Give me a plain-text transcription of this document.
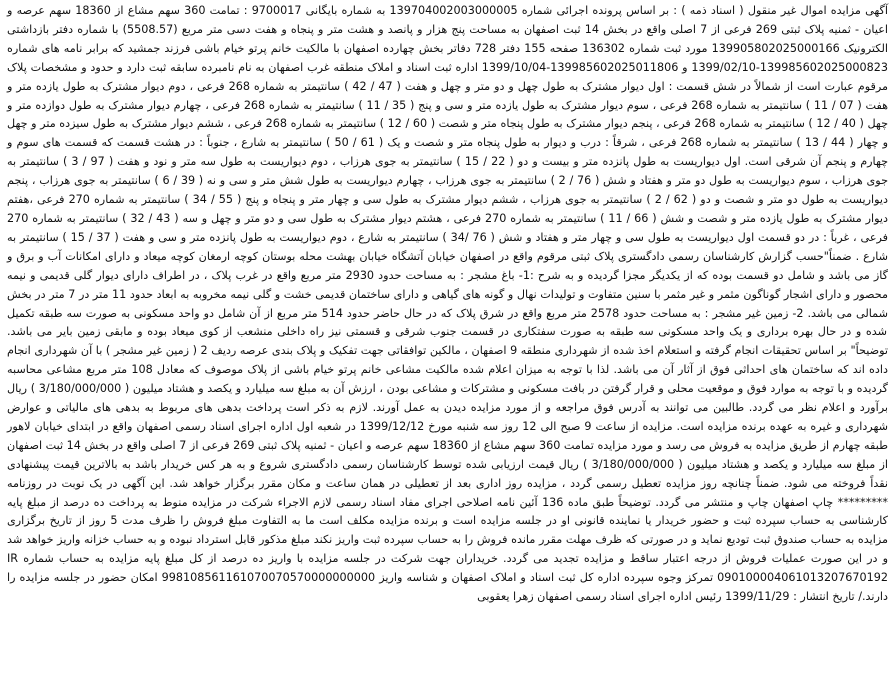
آگهی مزایده اموال غیر منقول ( اسناد ذمه ) : بر اساس پرونده اجرائی شماره 139704002003000005 به شماره بایگانی 9700017 : تمامت 360 سهم مشاع از 18360 سهم عرصه و اعیان - ثمنیه پلاک ثبتی 269 فرعی از 7 اصلی واقع در بخش 14 ثبت اصفهان به مساحت پنج هزار و پانصد و هشت متر و پنجاه و هفت دسی متر مربع (5508.57) با شماره دفتر بازداشتی الکترونیک 139905802025000166 مورد ثبت شماره 136302 صفحه 155 دفتر 728 دفاتر بخش چهارده اصفهان با مالکیت خانم پرتو خیام باشی فرزند جمشید که برابر نامه های شماره 139985602025000823-1399/02/10 و 139985602025011806-1399/10/04 اداره ثبت اسناد و املاک منطقه غرب اصفهان به نام نامبرده سابقه ثبت دارد و حدود و مشخصات پلاک مرقوم عبارت است از شمالاً در شش قسمت : اول دیوار مشترک به طول چهل و دو متر و چهل و هفت ( 47 / 42 ) سانتیمتر به شماره 268 فرعی ، دوم دیوار مشترک به طول یازده متر و هفت ( 07 / 11 ) سانتیمتر به شماره 268 فرعی ، سوم دیوار مشترک به طول یازده متر و سی و پنج ( 35 / 11 ) سانتیمتر به شماره 268 فرعی ، چهارم دیوار مشترک به طول دوازده متر و چهل ( 40 / 12 ) سانتیمتر به شماره 268 فرعی ، پنجم دیوار مشترک به طول پنجاه متر و شصت ( 60 / 12 ) سانتیمتر به شماره 268 فرعی ، ششم دیوار مشترک به طول سیزده متر و چهل و چهار ( 44 / 13 ) سانتیمتر به شماره 268 فرعی ، شرقاً : درب و دیوار به طول پنجاه متر و شصت و یک ( 61 / 50 ) سانتیمتر به شارع ، جنوباً : در هشت قسمت که قسمت های سوم و چهارم و پنجم آن شرقی است. اول دیواریست به طول پانزده متر و بیست و دو ( 22 / 15 ) سانتیمتر به جوی هرزاب ، دوم دیواریست به طول سه متر و نود و هفت ( 97 / 3 ) سانتیمتر به جوی هرزاب ، سوم دیواریست به طول دو متر و هفتاد و شش ( 76 / 2 ) سانتیمتر به جوی هرزاب ، چهارم دیواریست به طول شش متر و سی و نه ( 39 / 6 ) سانتیمتر به جوی هرزاب ، پنجم دیواریست به طول دو متر و شصت و دو ( 62 / 2 ) سانتیمتر به جوی هرزاب ، ششم دیوار مشترک به طول سی و چهار متر و پنجاه و پنج ( 55 / 34 ) سانتیمتر به شماره 270 فرعی ،هفتم دیوار مشترک به طول یازده متر و شصت و شش ( 66 / 11 ) سانتیمتر به شماره 270 فرعی ، هشتم دیوار مشترک به طول سی و دو متر و چهل و سه ( 43 / 32 ) سانتیمتر به شماره 270 فرعی ، غرباً : در دو قسمت اول دیواریست به طول سی و چهار متر و هفتاد و شش ( 76 /34 ) سانتیمتر به شارع ، دوم دیواریست به طول پانزده متر و سی و هفت ( 37 / 15 ) سانتیمتر به شارع . ضمناً"حسب گزارش کارشناسان رسمی دادگستری پلاک ثبتی مرقوم واقع در اصفهان خیابان آتشگاه خیابان بهشت محله بوستان کوچه ارمغان کوچه میعاد و دارای امکانات آب و برق و گاز می باشد و شامل دو قسمت بوده که از یکدیگر مجزا گردیده و به شرح :1- باغ مشجر : به مساحت حدود 2930 متر مربع واقع در غرب پلاک ، در اطراف دارای دیوار گلی قدیمی و نیمه محصور و دارای اشجار گوناگون مثمر و غیر مثمر با سنین متفاوت و تولیدات نهال و گونه های گیاهی و دارای ساختمان قدیمی خشت و گلی نیمه مخروبه به ابعاد حدود 11 متر در 7 متر در بخش شمالی می باشد. 2- زمین غیر مشجر : به مساحت حدود 2578 متر مربع واقع در شرق پلاک که در حال حاضر حدود 514 متر مربع از آن شامل دو واحد مسکونی به صورت سه طبقه تکمیل شده و در حال بهره برداری و یک واحد مسکونی سه طبقه به صورت سفتکاری در قسمت جنوب شرقی و قسمتی نیز راه داخلی منشعب از کوی میعاد بوده و مابقی زمین بایر می باشد. توضیحاً" بر اساس تحقیقات انجام گرفته و استعلام اخذ شده از شهرداری منطقه 9 اصفهان ، مالکین توافقاتی جهت تفکیک و پلاک بندی عرصه ردیف 2 ( زمین غیر مشجر ) با آن شهرداری انجام داده اند که ساختمان های احداثی فوق از آثار آن می باشد. لذا با توجه به میزان اعلام شده مالکیت مشاعی خانم پرتو خیام باشی از پلاک موصوف که معادل 108 متر مربع مشاعی محاسبه گردیده و با توجه به موارد فوق و موقعیت محلی و قرار گرفتن در بافت مسکونی و مشترکات و مشاعی بودن ، ارزش آن به مبلغ سه میلیارد و یکصد و هشتاد میلیون ( 3/180/000/000 ) ریال برآورد و اعلام نظر می گردد. طالبین می توانند به آدرس فوق مراجعه و از مورد مزایده دیدن به عمل آورند. لازم به ذکر است پرداخت بدهی های مربوط به بدهی های مالیاتی و عوارض شهرداری و غیره به عهده برنده مزایده است. مزایده از ساعت 9 صبح الی 12 روز سه شنبه مورخ 1399/12/12 در شعبه اول اداره اجرای اسناد رسمی اصفهان واقع در ابتدای خیابان لاهور طبقه چهارم از طریق مزایده به فروش می رسد و مورد مزایده تمامت 360 سهم مشاع از 18360 سهم عرصه و اعیان - ثمنیه پلاک ثبتی 269 فرعی از 7 اصلی واقع در بخش 14 ثبت اصفهان از مبلغ سه میلیارد و یکصد و هشتاد میلیون ( 3/180/000/000 ) ریال قیمت ارزیابی شده توسط کارشناسان رسمی دادگستری شروع و به هر کس خریدار باشد به بالاترین قیمت پیشنهادی نقداً فروخته می شود. ضمناً چنانچه روز مزایده تعطیل رسمی گردد ، مزایده روز اداری بعد از تعطیلی در همان ساعت و مکان مقرر برگزار خواهد شد. این آگهی در یک نوبت در روزنامه ********* چاپ اصفهان چاپ و منتشر می گردد. توضیحاً طبق ماده 136 آئین نامه اصلاحی اجرای مفاد اسناد رسمی لازم الاجراء شرکت در مزایده منوط به پرداخت ده درصد از مبلغ پایه کارشناسی به حساب سپرده ثبت و حضور خریدار یا نماینده قانونی او در جلسه مزایده است و برنده مزایده مکلف است ما به التفاوت مبلغ فروش را ظرف مدت 5 روز از تاریخ برگزاری مزایده به حساب صندوق ثبت تودیع نماید و در صورتی که ظرف مهلت مقرر مانده فروش را به حساب سپرده ثبت واریز نکند مبلغ مذکور قابل استرداد نبوده و به حساب خزانه واریز خواهد شد و در این صورت عملیات فروش از درجه اعتبار ساقط و مزایده تجدید می گردد. خریداران جهت شرکت در جلسه مزایده با واریز ده درصد از کل مبلغ پایه مزایده به حساب شماره IR 090100004061013207670192 تمرکز وجوه سپرده اداره کل ثبت اسناد و املاک اصفهان و شناسه واریز 998108561161070070570000000000 امکان حضور در جلسه مزایده را دارند./ تاریخ انتشار : 1399/11/29 رئیس اداره اجرای اسناد رسمی اصفهان زهرا یعقوبی
